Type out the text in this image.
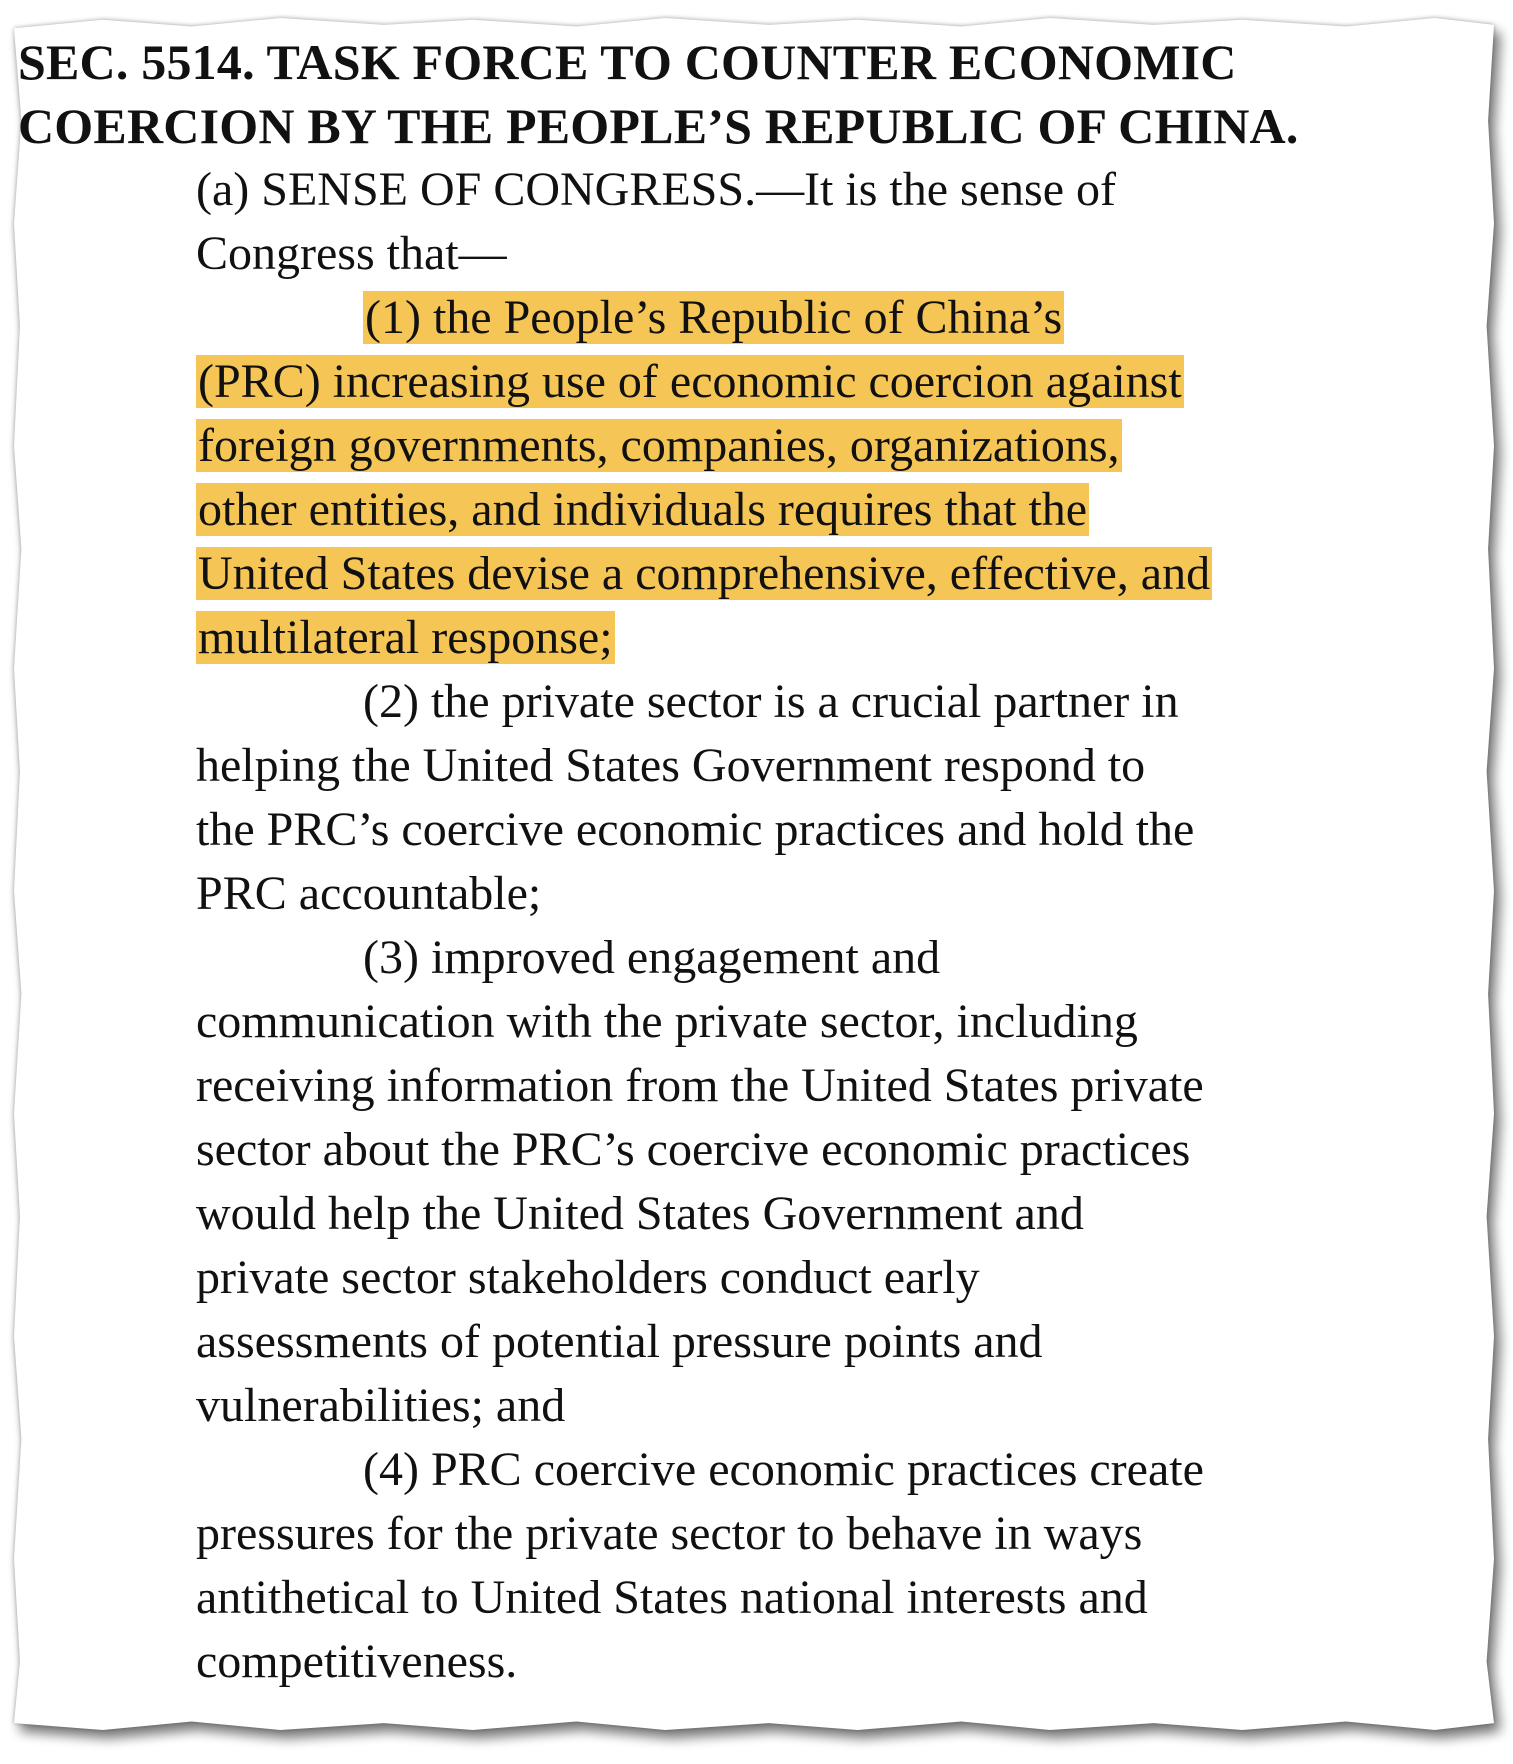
SEC. 5514. TASK FORCE TO COUNTER ECONOMIC
COERCION BY THE PEOPLE’S REPUBLIC OF CHINA.
(a) SENSE OF CONGRESS.—It is the sense of
Congress that—
(1) the People’s Republic of China’s
(PRC) increasing use of economic coercion against
foreign governments, companies, organizations,
other entities, and individuals requires that the
United States devise a comprehensive, effective, and
multilateral response;
(2) the private sector is a crucial partner in
helping the United States Government respond to
the PRC’s coercive economic practices and hold the
PRC accountable;
(3) improved engagement and
communication with the private sector, including
receiving information from the United States private
sector about the PRC’s coercive economic practices
would help the United States Government and
private sector stakeholders conduct early
assessments of potential pressure points and
vulnerabilities; and
(4) PRC coercive economic practices create
pressures for the private sector to behave in ways
antithetical to United States national interests and
competitiveness.
